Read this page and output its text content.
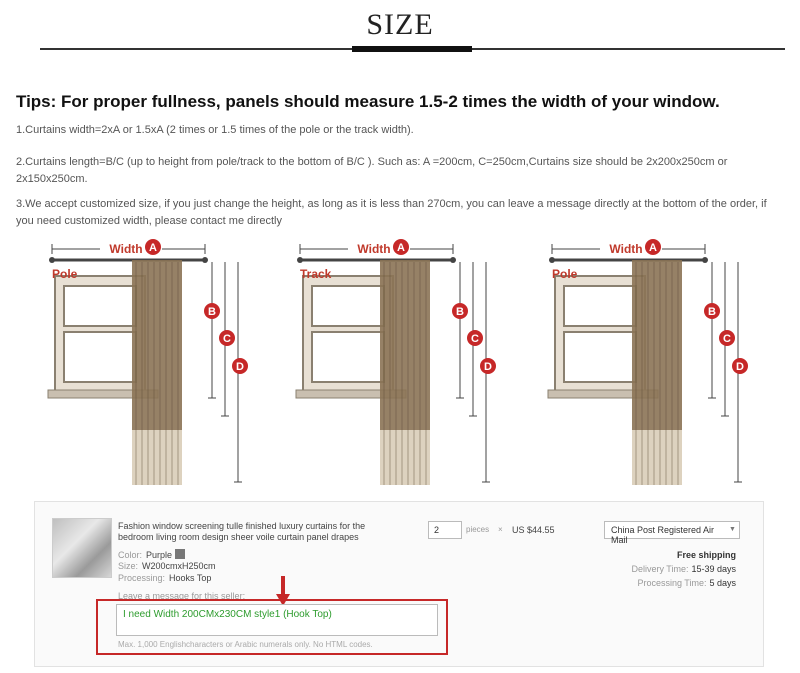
SIZE
Tips: For proper fullness, panels should measure 1.5-2 times the width of your window.
1.Curtains width=2xA or 1.5xA (2 times or 1.5 times of the pole or the track width).
2.Curtains length=B/C (up to height from pole/track to the bottom of B/C ). Such as: A =200cm, C=250cm,Curtains size should be 2x200x250cm or 2x150x250cm.
3.We accept customized size, if you just change the height, as long as it is less than 270cm, you can leave a message directly at the bottom of the order, if you need customized width, please contact me directly
Width A
Pole
B
C
D
Width A
Track
B
C
D
Width A
Pole
B
C
D
Fashion window screening tulle finished luxury curtains for the bedroom living room design sheer voile curtain panel drapes
Color: Purple
Size: W200cmxH250cm
Processing: Hooks Top
2	pieces × US $44.55	China Post Registered Air Mail
▼
Free shipping
Delivery Time: 15-39 days
Processing Time: 5 days
Leave a message for this seller:
I need Width 200CMx230CM style1 (Hook Top)
Max. 1,000 Englishcharacters or Arabic numerals only. No HTML codes.
